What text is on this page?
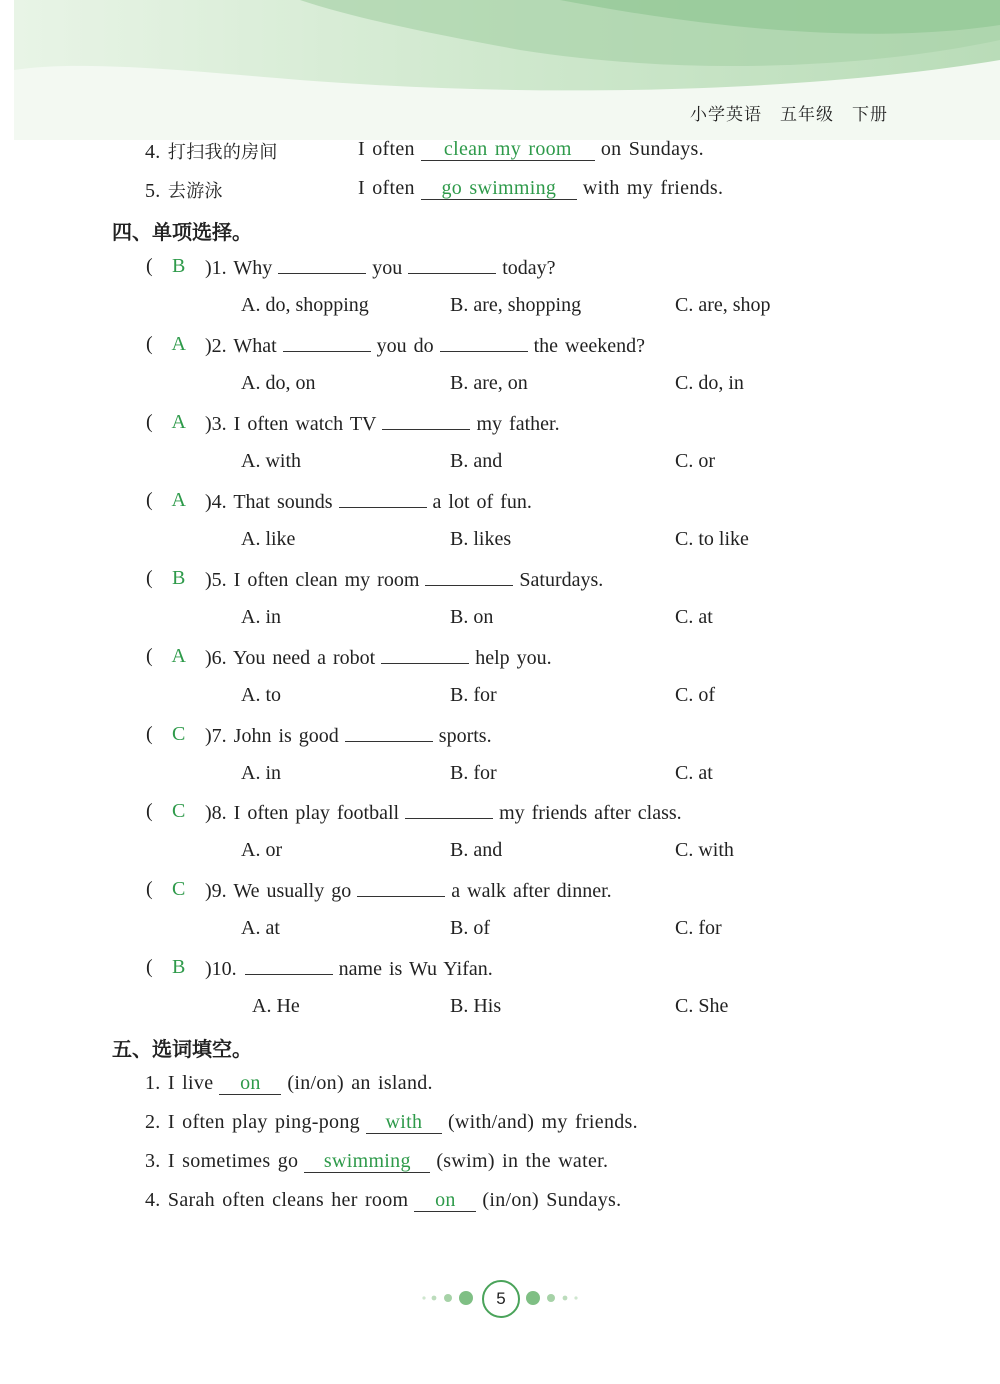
小学英语　五年级　下册
4. 打扫我的房间	I often clean my room on Sundays.
5. 去游泳	I often go swimming with my friends.
四、单项选择。
( B )1. Why	you	today?
A. do, shopping	B. are, shopping	C. are, shop
( A )2. What	you do	the weekend?
A. do, on	B. are, on	C. do, in
( A )3. I often watch TV	my father.
A. with	B. and	C. or
( A )4. That sounds	a lot of fun.
A. like	B. likes	C. to like
( B )5. I often clean my room	Saturdays.
A. in	B. on	C. at
( A )6. You need a robot	help you.
A. to	B. for	C. of
( C )7. John is good	sports.
A. in	B. for	C. at
( C )8. I often play football	my friends after class.
A. or	B. and	C. with
( C )9. We usually go	a walk after dinner.
A. at	B. of	C. for
( B )10.	name is Wu Yifan.
A. He	B. His	C. She
五、选词填空。
1. I live on (in/on) an island.
2. I often play ping-pong with (with/and) my friends.
3. I sometimes go swimming (swim) in the water.
4. Sarah often cleans her room on (in/on) Sundays.
5
